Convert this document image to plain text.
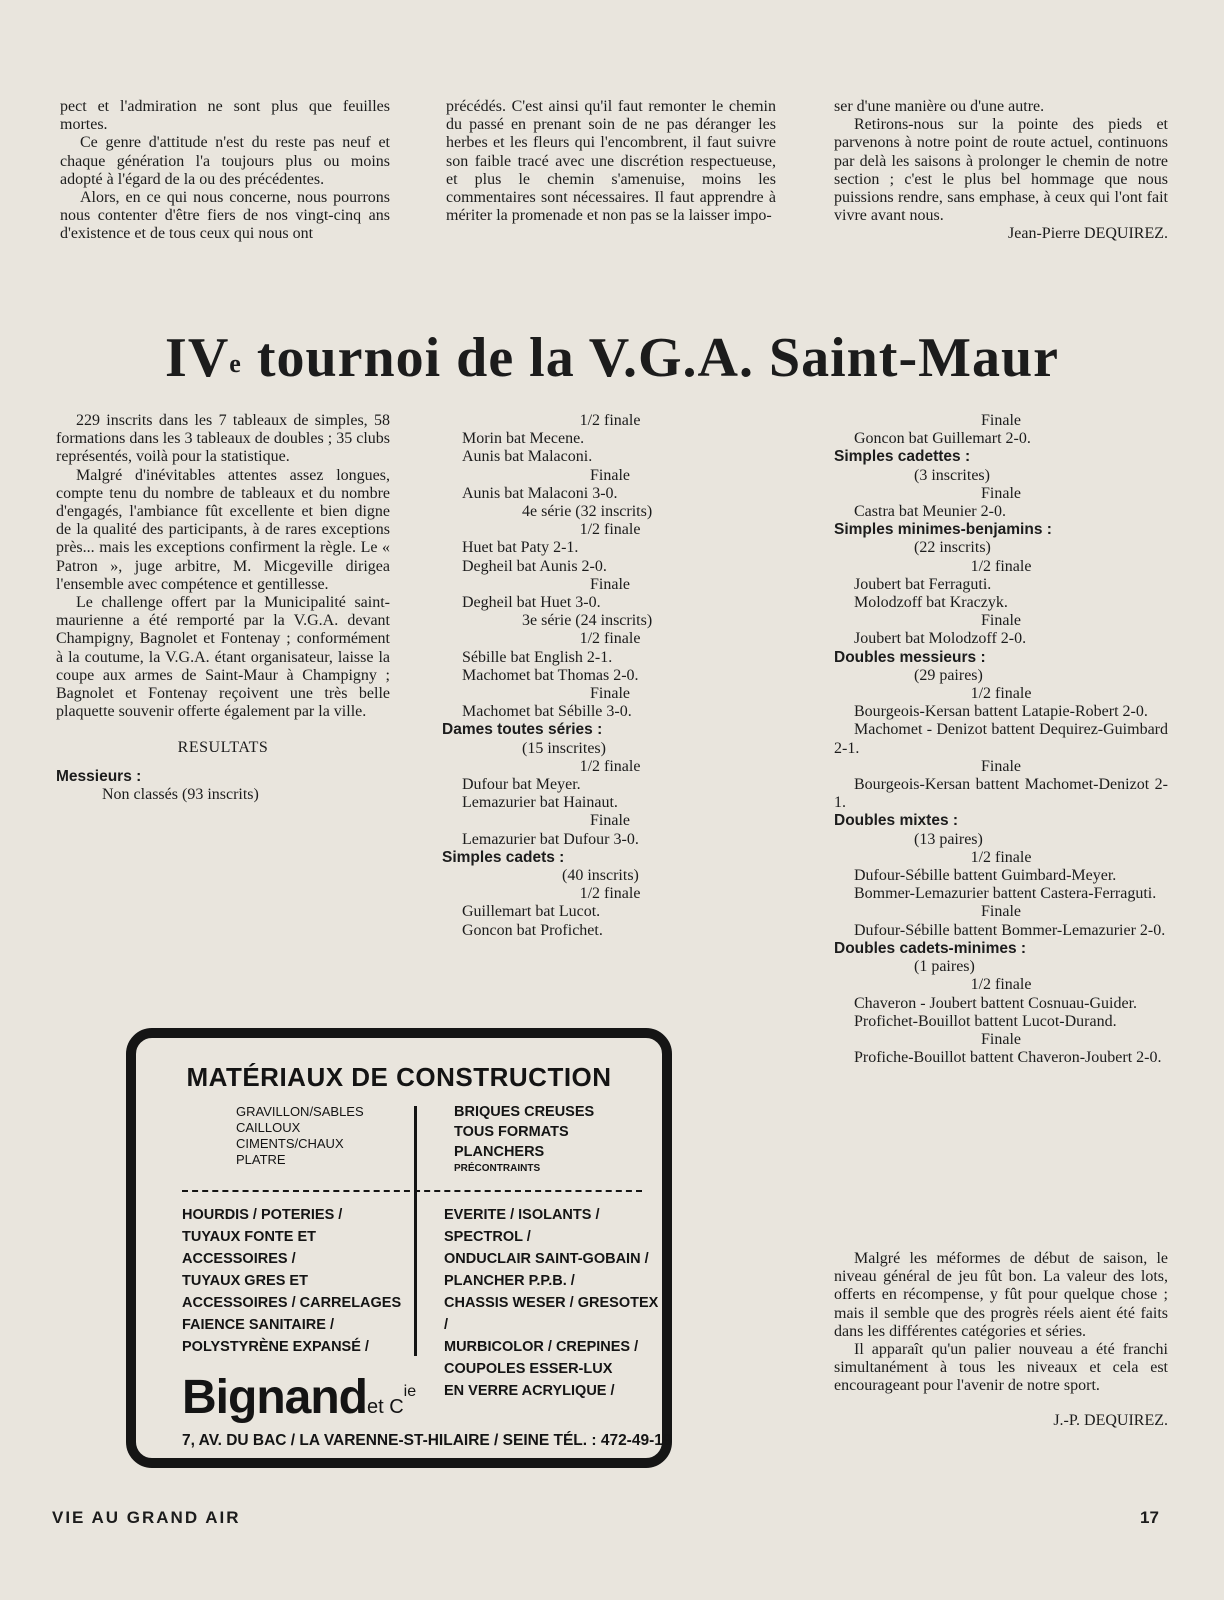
pect et l'admiration ne sont plus que feuilles mortes.

Ce genre d'attitude n'est du reste pas neuf et chaque génération l'a toujours plus ou moins adopté à l'égard de la ou des précédentes.

Alors, en ce qui nous concerne, nous pourrons nous contenter d'être fiers de nos vingt-cinq ans d'existence et de tous ceux qui nous ont

précédés. C'est ainsi qu'il faut remonter le chemin du passé en prenant soin de ne pas déranger les herbes et les fleurs qui l'encombrent, il faut suivre son faible tracé avec une discrétion respectueuse, et plus le chemin s'amenuise, moins les commentaires sont nécessaires. Il faut apprendre à mériter la promenade et non pas se la laisser impo-

ser d'une manière ou d'une autre.

Retirons-nous sur la pointe des pieds et parvenons à notre point de route actuel, continuons par delà les saisons à prolonger le chemin de notre section ; c'est le plus bel hommage que nous puissions rendre, sans emphase, à ceux qui l'ont fait vivre avant nous.

Jean-Pierre DEQUIREZ.

IVe tournoi de la V.G.A. Saint-Maur

229 inscrits dans les 7 tableaux de simples, 58 formations dans les 3 tableaux de doubles ; 35 clubs représentés, voilà pour la statistique.

Malgré d'inévitables attentes assez longues, compte tenu du nombre de tableaux et du nombre d'engagés, l'ambiance fût excellente et bien digne de la qualité des participants, à de rares exceptions près... mais les exceptions confirment la règle. Le « Patron », juge arbitre, M. Micgeville dirigea l'ensemble avec compétence et gentillesse.

Le challenge offert par la Municipalité saint-maurienne a été remporté par la V.G.A. devant Champigny, Bagnolet et Fontenay ; conformément à la coutume, la V.G.A. étant organisateur, laisse la coupe aux armes de Saint-Maur à Champigny ; Bagnolet et Fontenay reçoivent une très belle plaquette souvenir offerte également par la ville.

RESULTATS

Messieurs :

Non classés (93 inscrits)

1/2 finale

Morin bat Mecene.

Aunis bat Malaconi.

Finale

Aunis bat Malaconi 3-0.

4e série (32 inscrits)

1/2 finale

Huet bat Paty 2-1.

Degheil bat Aunis 2-0.

Finale

Degheil bat Huet 3-0.

3e série (24 inscrits)

1/2 finale

Sébille bat English 2-1.

Machomet bat Thomas 2-0.

Finale

Machomet bat Sébille 3-0.

Dames toutes séries :

(15 inscrites)

1/2 finale

Dufour bat Meyer.

Lemazurier bat Hainaut.

Finale

Lemazurier bat Dufour 3-0.

Simples cadets :

(40 inscrits)

1/2 finale

Guillemart bat Lucot.

Goncon bat Profichet.

Finale

Goncon bat Guillemart 2-0.

Simples cadettes :

(3 inscrites)

Finale

Castra bat Meunier 2-0.

Simples minimes-benjamins :

(22 inscrits)

1/2 finale

Joubert bat Ferraguti.

Molodzoff bat Kraczyk.

Finale

Joubert bat Molodzoff 2-0.

Doubles messieurs :

(29 paires)

1/2 finale

Bourgeois-Kersan battent Latapie-Robert 2-0.

Machomet - Denizot battent Dequirez-Guimbard 2-1.

Finale

Bourgeois-Kersan battent Machomet-Denizot 2-1.

Doubles mixtes :

(13 paires)

1/2 finale

Dufour-Sébille battent Guimbard-Meyer.

Bommer-Lemazurier battent Castera-Ferraguti.

Finale

Dufour-Sébille battent Bommer-Lemazurier 2-0.

Doubles cadets-minimes :

(1 paires)

1/2 finale

Chaveron - Joubert battent Cosnuau-Guider.

Profichet-Bouillot battent Lucot-Durand.

Finale

Profiche-Bouillot battent Chaveron-Joubert 2-0.

Malgré les méformes de début de saison, le niveau général de jeu fût bon. La valeur des lots, offerts en récompense, y fût pour quelque chose ; mais il semble que des progrès réels aient été faits dans les différentes catégories et séries.

Il apparaît qu'un palier nouveau a été franchi simultanément à tous les niveaux et cela est encourageant pour l'avenir de notre sport.

J.-P. DEQUIREZ.

MATÉRIAUX DE CONSTRUCTION
GRAVILLON/SABLES
CAILLOUX
CIMENTS/CHAUX
PLATRE
BRIQUES CREUSES
TOUS FORMATS
PLANCHERS
PRÉCONTRAINTS
HOURDIS / POTERIES /
TUYAUX FONTE ET
ACCESSOIRES /
TUYAUX GRES ET
ACCESSOIRES / CARRELAGES
FAIENCE SANITAIRE /
POLYSTYRÈNE EXPANSÉ /
EVERITE / ISOLANTS / SPECTROL /
ONDUCLAIR SAINT-GOBAIN /
PLANCHER P.P.B. /
CHASSIS WESER / GRESOTEX /
MURBICOLOR / CREPINES /
COUPOLES ESSER-LUX
EN VERRE ACRYLIQUE /
Bignandet $C^{ie}$
7, AV. DU BAC / LA VARENNE-ST-HILAIRE / SEINE TÉL. : 472-49-19
VIE AU GRAND AIR	17
